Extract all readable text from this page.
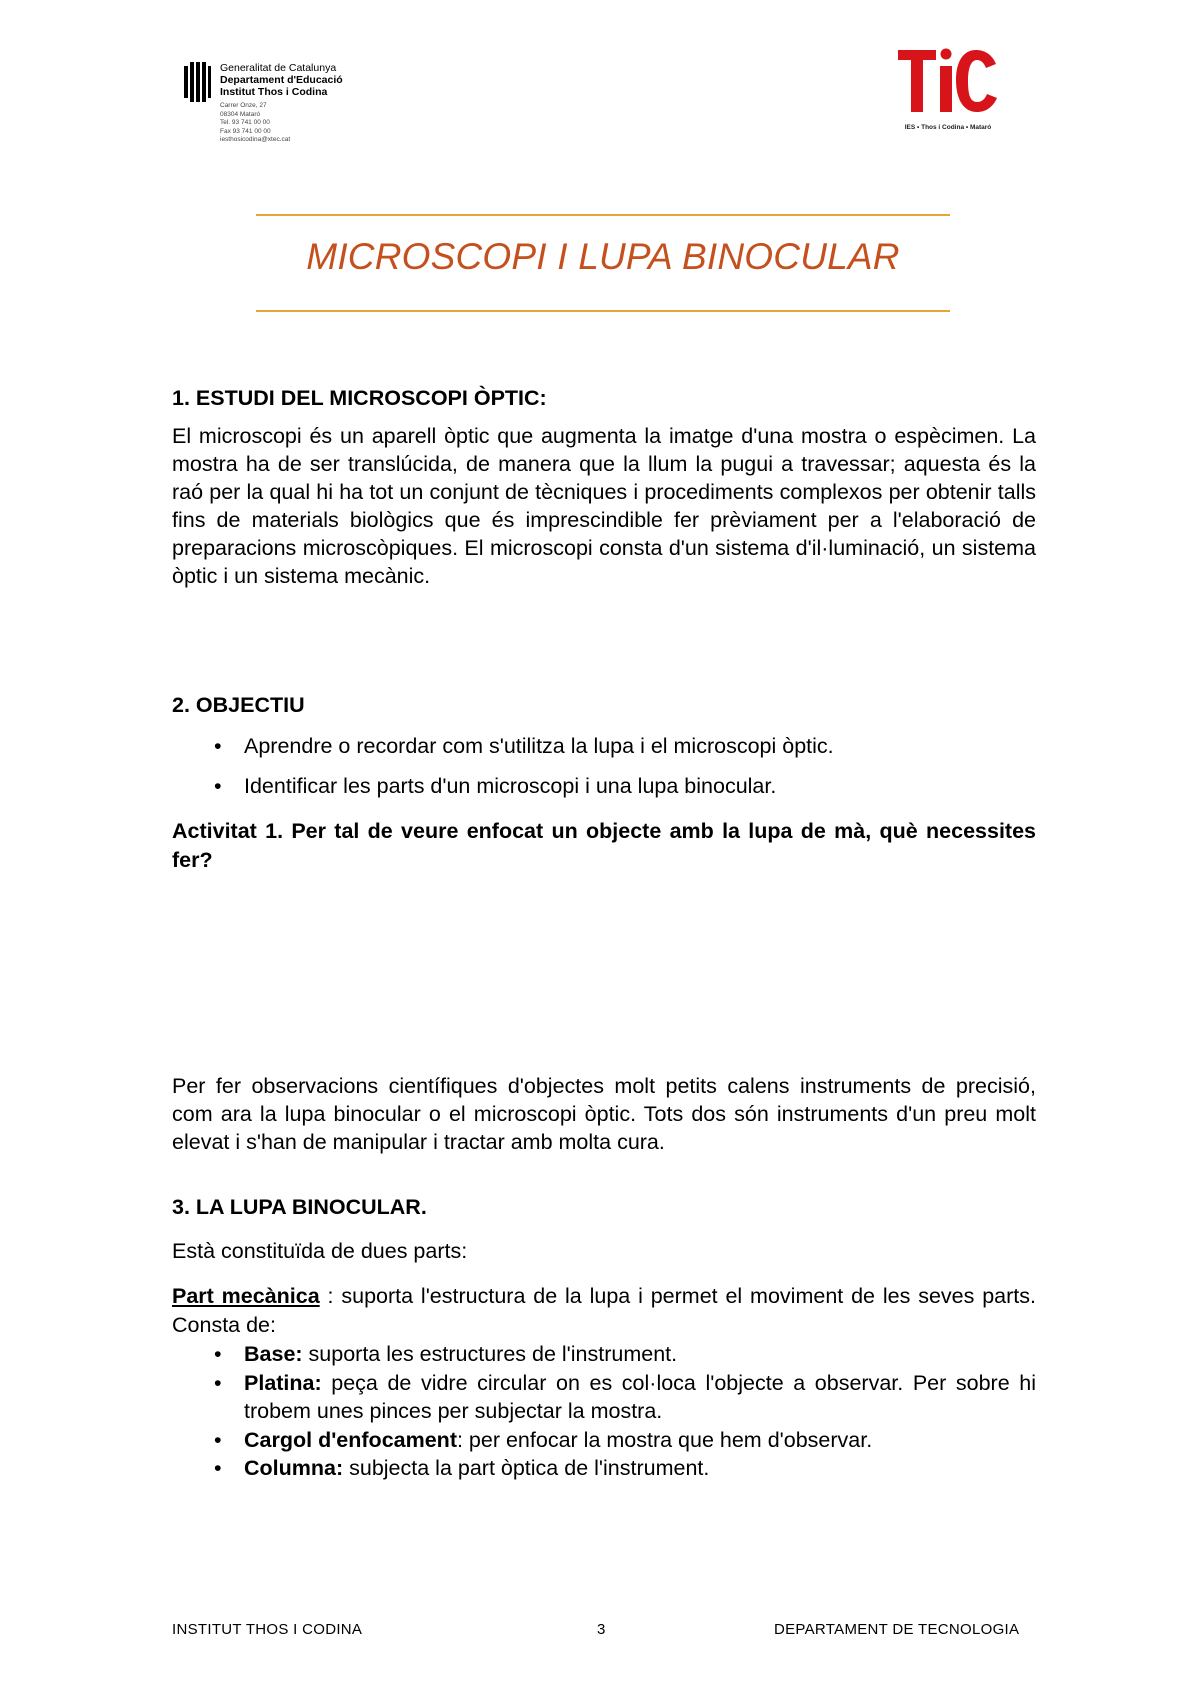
Generalitat de Catalunya
Departament d'Educació
Institut Thos i Codina
Carrer Onze, 27
08304 Mataró
Tel. 93 741 00 00
Fax 93 741 00 00
iesthosicodina@xtec.cat
IES • Thos i Codina • Mataró
MICROSCOPI I LUPA BINOCULAR
1. ESTUDI DEL MICROSCOPI ÒPTIC:
El microscopi és un aparell òptic que augmenta la imatge d'una mostra o espècimen. La mostra ha de ser translúcida, de manera que la llum la pugui a travessar; aquesta és la raó per la qual hi ha tot un conjunt de tècniques i procediments complexos per obtenir talls fins de materials biològics que és imprescindible fer prèviament per a l'elaboració de preparacions microscòpiques. El microscopi consta d'un sistema d'il·luminació, un sistema òptic i un sistema mecànic.
2. OBJECTIU
• Aprendre o recordar com s'utilitza la lupa i el microscopi òptic.
• Identificar les parts d'un microscopi i una lupa binocular.
Activitat 1. Per tal de veure enfocat un objecte amb la lupa de mà, què necessites fer?
Per fer observacions científiques d'objectes molt petits calens instruments de precisió, com ara la lupa binocular o el microscopi òptic. Tots dos són instruments d'un preu molt elevat i s'han de manipular i tractar amb molta cura.
3. LA LUPA BINOCULAR.
Està constituïda de dues parts:
Part mecànica : suporta l'estructura de la lupa i permet el moviment de les seves parts. Consta de:
• Base: suporta les estructures de l'instrument.
• Platina: peça de vidre circular on es col·loca l'objecte a observar. Per sobre hi trobem unes pinces per subjectar la mostra.
• Cargol d'enfocament: per enfocar la mostra que hem d'observar.
• Columna: subjecta la part òptica de l'instrument.
INSTITUT THOS I CODINA	3	DEPARTAMENT DE TECNOLOGIA
